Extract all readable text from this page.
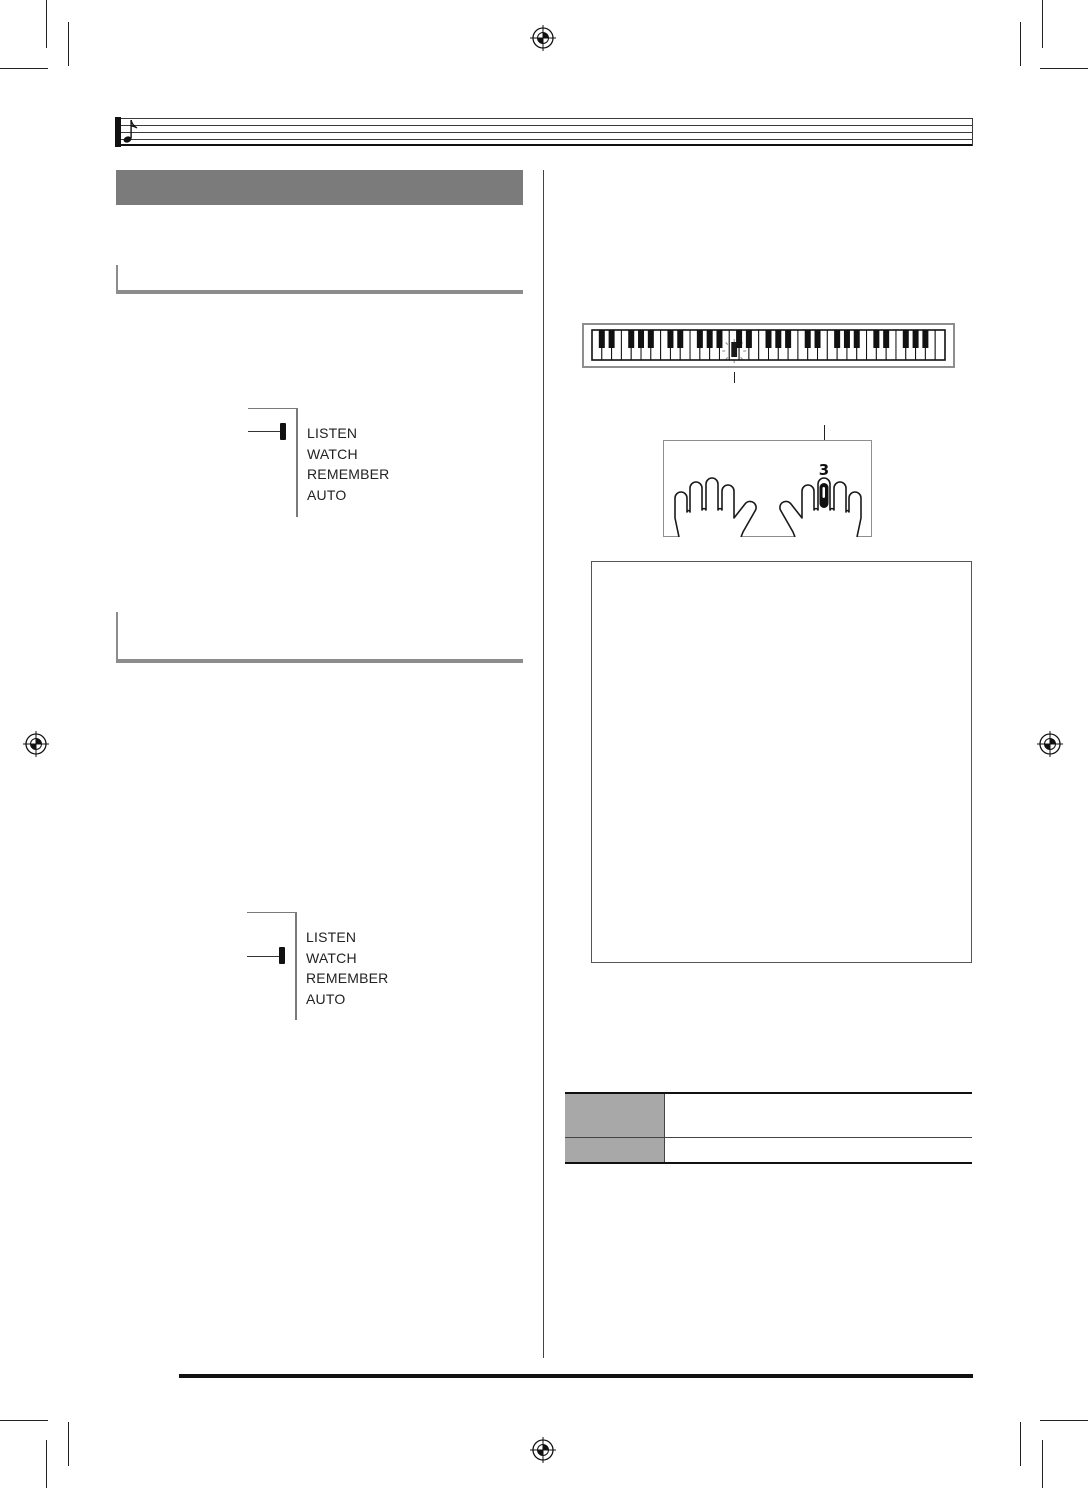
LISTEN
WATCH
REMEMBER
AUTO
LISTEN
WATCH
REMEMBER
AUTO
3
